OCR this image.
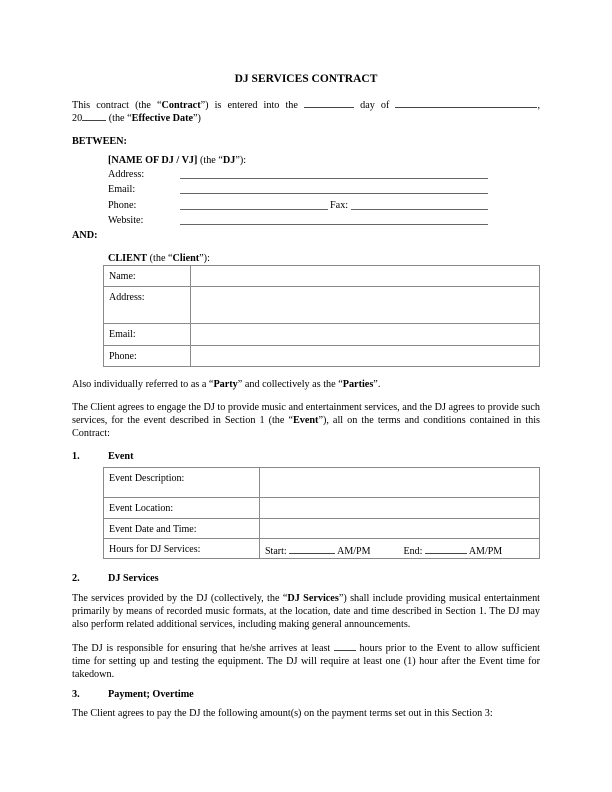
DJ SERVICES CONTRACT
This contract (the “Contract”) is entered into the	day of	,
20	(the “Effective Date”)
BETWEEN:
[NAME OF DJ / VJ] (the “DJ”):
Address:
Email:
Phone:	Fax:
Website:
AND:
CLIENT (the “Client”):
Name:	

Address:	

Email:	

Phone:	

Also individually referred to as a “Party” and collectively as the “Parties”.
The Client agrees to engage the DJ to provide music and entertainment services, and the DJ agrees to provide such services, for the event described in Section 1 (the “Event”), all on the terms and conditions contained in this Contract:
1.	Event
Event Description:	

Event Location:	

Event Date and Time:	

Hours for DJ Services:	Start: AM/PM End: AM/PM
2.	DJ Services
The services provided by the DJ (collectively, the “DJ Services”) shall include providing musical entertainment primarily by means of recorded music formats, at the location, date and time described in Section 1. The DJ may also perform related additional services, including making general announcements.
The DJ is responsible for ensuring that he/she arrives at least	hours prior to the Event to allow sufficient time for setting up and testing the equipment. The DJ will require at least one (1) hour after the Event time for takedown.
3.	Payment; Overtime
The Client agrees to pay the DJ the following amount(s) on the payment terms set out in this Section 3:
